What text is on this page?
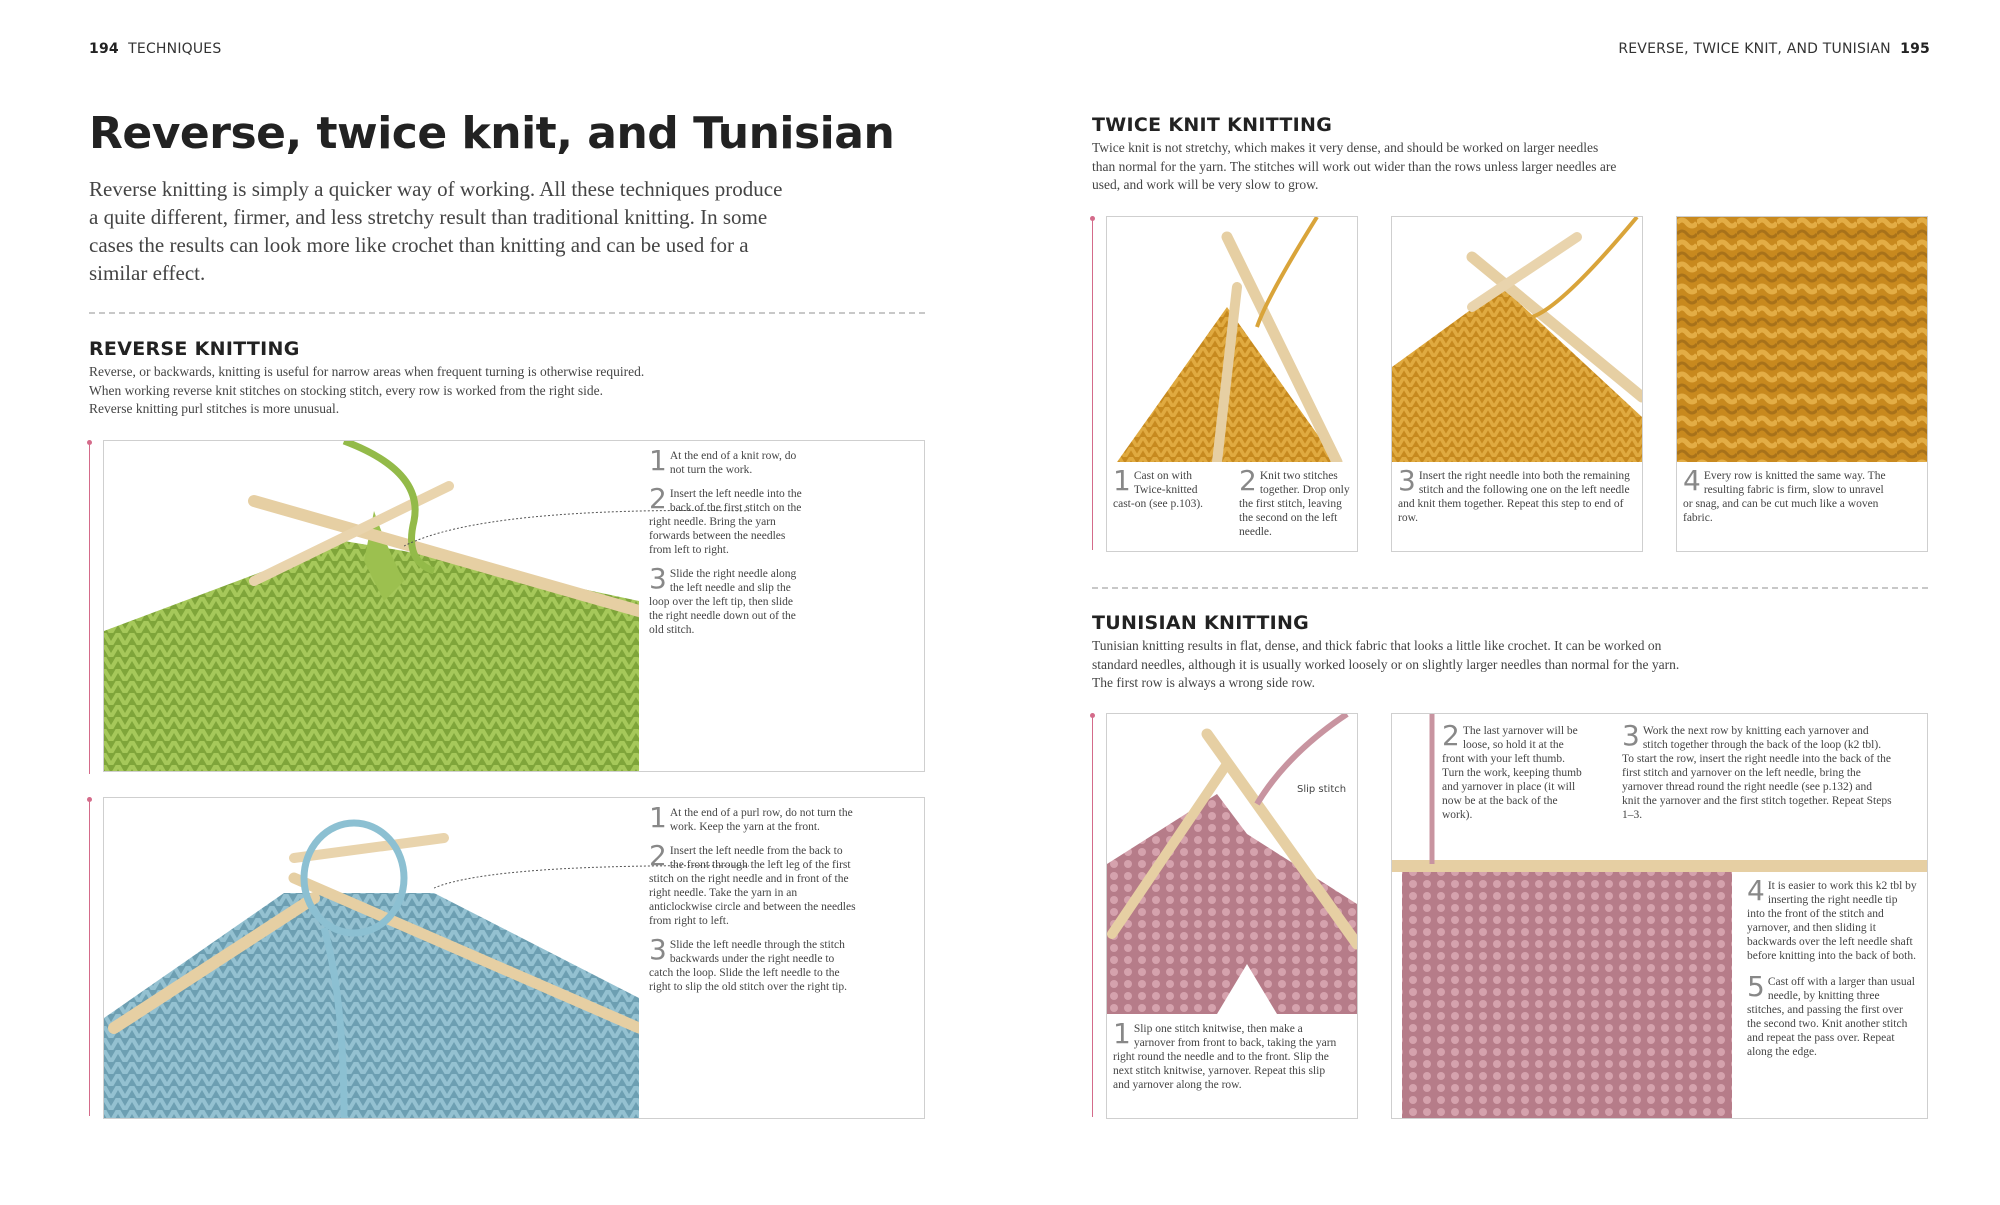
194 TECHNIQUES	REVERSE, TWICE KNIT, AND TUNISIAN 195
Reverse, twice knit, and Tunisian

Reverse knitting is simply a quicker way of working. All these techniques produce a quite different, firmer, and less stretchy result than traditional knitting. In some cases the results can look more like crochet than knitting and can be used for a similar effect.

REVERSE KNITTING

Reverse, or backwards, knitting is useful for narrow areas when frequent turning is otherwise required. When working reverse knit stitches on stocking stitch, every row is worked from the right side. Reverse knitting purl stitches is more unusual.

1 At the end of a knit row, do not turn the work.
2 Insert the left needle into the back of the first stitch on the right needle. Bring the yarn forwards between the needles from left to right.
3 Slide the right needle along the left needle and slip the loop over the left tip, then slide the right needle down out of the old stitch.
1 At the end of a purl row, do not turn the work. Keep the yarn at the front.
2 Insert the left needle from the back to the front through the left leg of the first stitch on the right needle and in front of the right needle. Take the yarn in an anticlockwise circle and between the needles from right to left.
3 Slide the left needle through the stitch backwards under the right needle to catch the loop. Slide the left needle to the right to slip the old stitch over the right tip.
TWICE KNIT KNITTING

Twice knit is not stretchy, which makes it very dense, and should be worked on larger needles than normal for the yarn. The stitches will work out wider than the rows unless larger needles are used, and work will be very slow to grow.

1 Cast on with Twice-knitted cast-on (see p.103).
2 Knit two stitches together. Drop only the first stitch, leaving the second on the left needle.
3 Insert the right needle into both the remaining stitch and the following one on the left needle and knit them together. Repeat this step to end of row.
4 Every row is knitted the same way. The resulting fabric is firm, slow to unravel or snag, and can be cut much like a woven fabric.
TUNISIAN KNITTING

Tunisian knitting results in flat, dense, and thick fabric that looks a little like crochet. It can be worked on standard needles, although it is usually worked loosely or on slightly larger needles than normal for the yarn. The first row is always a wrong side row.

Slip stitch
1 Slip one stitch knitwise, then make a yarnover from front to back, taking the yarn right round the needle and to the front. Slip the next stitch knitwise, yarnover. Repeat this slip and yarnover along the row.
2 The last yarnover will be loose, so hold it at the front with your left thumb. Turn the work, keeping thumb and yarnover in place (it will now be at the back of the work).
3 Work the next row by knitting each yarnover and stitch together through the back of the loop (k2 tbl). To start the row, insert the right needle into the back of the first stitch and yarnover on the left needle, bring the yarnover thread round the right needle (see p.132) and knit the yarnover and the first stitch together. Repeat Steps 1–3.
4 It is easier to work this k2 tbl by inserting the right needle tip into the front of the stitch and yarnover, and then sliding it backwards over the left needle shaft before knitting into the back of both.
5 Cast off with a larger than usual needle, by knitting three stitches, and passing the first over the second two. Knit another stitch and repeat the pass over. Repeat along the edge.
